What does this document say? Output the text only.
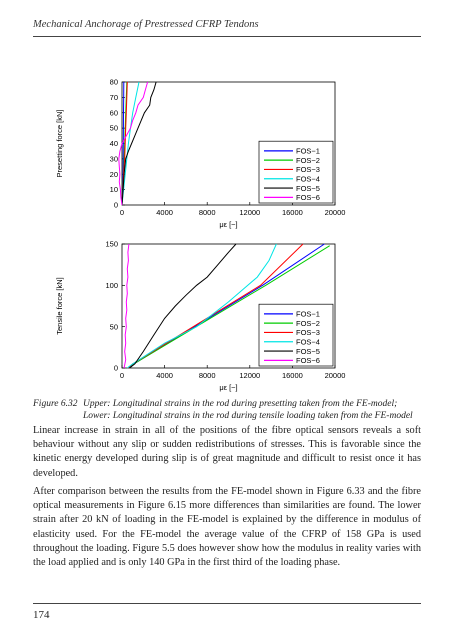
Mechanical Anchorage of Prestressed CFRP Tendons
0
10
20
30
40
50
60
70
80
0	4000	8000	12000	16000	20000
με [−]
Presetting force [kN]	FOS−1
FOS−2
FOS−3
FOS−4
FOS−5
FOS−6
0
50
100
150
0	4000	8000	12000	16000	20000
με [−]
Tensile force [kN]	FOS−1
FOS−2
FOS−3
FOS−4
FOS−5
FOS−6
Figure 6.32 Upper: Longitudinal strains in the rod during presetting taken from the FE-model; Lower: Longitudinal strains in the rod during tensile loading taken from the FE-model

Linear increase in strain in all of the positions of the fibre optical sensors reveals a soft behaviour without any slip or sudden redistributions of stresses. This is favorable since the kinetic energy developed during slip is of great magnitude and difficult to resist once it has developed.

After comparison between the results from the FE-model shown in Figure 6.33 and the fibre optical measurements in Figure 6.15 more differences than similarities are found. The lower strain after 20 kN of loading in the FE-model is explained by the difference in modulus of elasticity used. For the FE-model the average value of the CFRP of 158 GPa is used throughout the loading. Figure 5.5 does however show how the modulus in reality varies with the load applied and is only 140 GPa in the first third of the loading phase.

174
